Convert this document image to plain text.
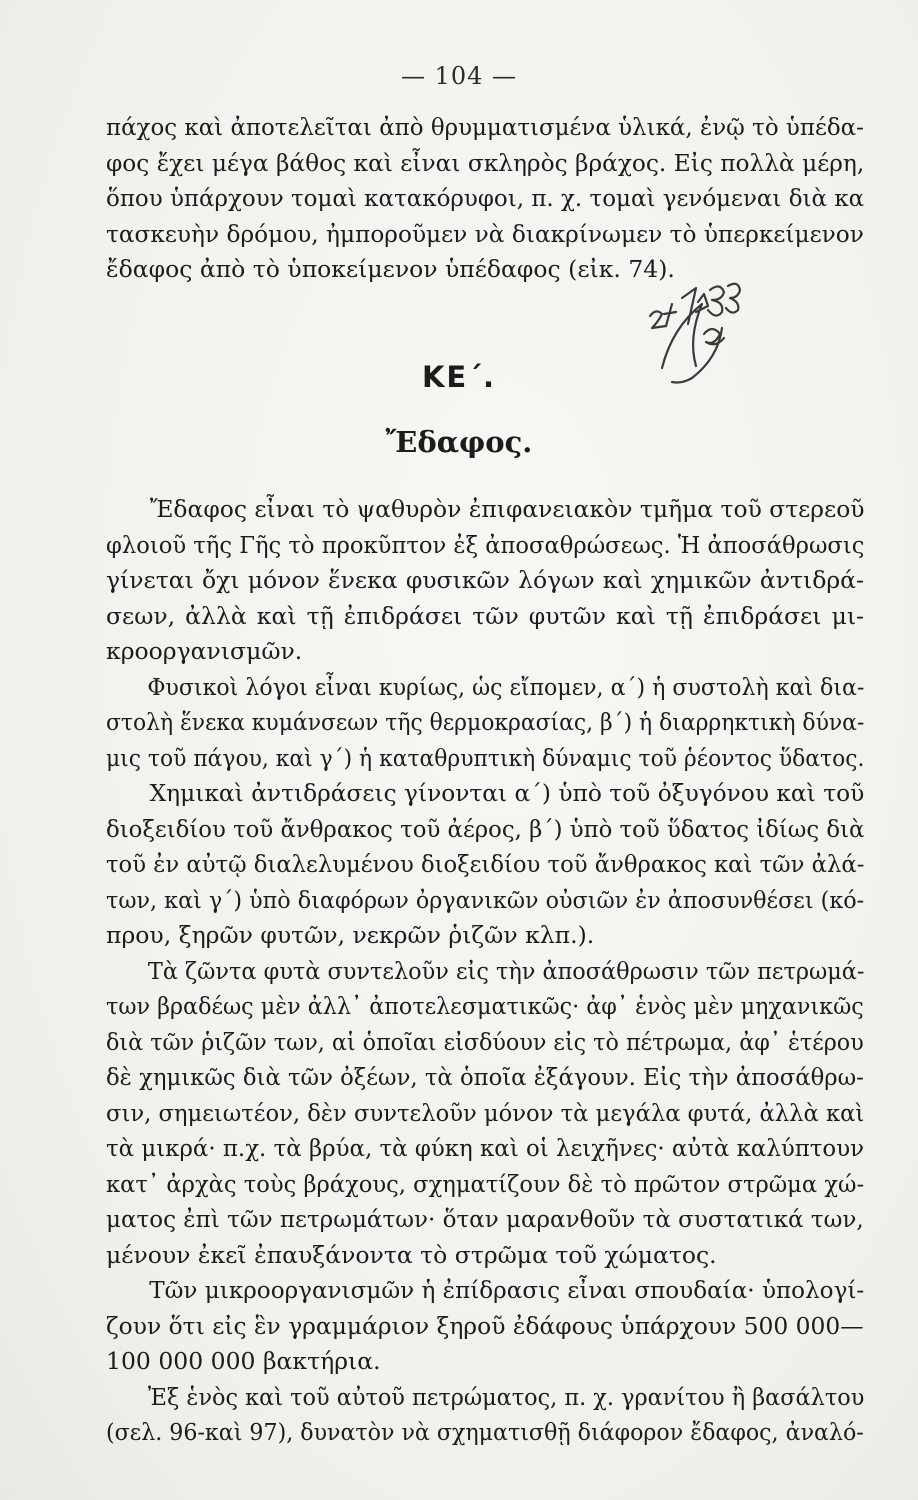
— 104 —
πάχος καὶ ἀποτελεῖται ἀπὸ θρυμματισμένα ὑλικά, ἐνῷ τὸ ὑπέδα-
φος ἔχει μέγα βάθος καὶ εἶναι σκληρὸς βράχος. Εἰς πολλὰ μέρη,
ὅπου ὑπάρχουν τομαὶ κατακόρυφοι, π. χ. τομαὶ γενόμεναι διὰ κα
τασκευὴν δρόμου, ἠμποροῦμεν νὰ διακρίνωμεν τὸ ὑπερκείμενον
ἔδαφος ἀπὸ τὸ ὑποκείμενον ὑπέδαφος (εἰκ. 74).
ΚΕ΄.
Ἔδαφος.
Ἔδαφος εἶναι τὸ ψαθυρὸν ἐπιφανειακὸν τμῆμα τοῦ στερεοῦ
φλοιοῦ τῆς Γῆς τὸ προκῦπτον ἐξ ἀποσαθρώσεως. Ἡ ἀποσάθρωσις
γίνεται ὄχι μόνον ἕνεκα φυσικῶν λόγων καὶ χημικῶν ἀντιδρά-
σεων, ἀλλὰ καὶ τῇ ἐπιδράσει τῶν φυτῶν καὶ τῇ ἐπιδράσει μι-
κροοργανισμῶν.
Φυσικοὶ λόγοι εἶναι κυρίως, ὡς εἴπομεν, α΄) ἡ συστολὴ καὶ δια-
στολὴ ἕνεκα κυμάνσεων τῆς θερμοκρασίας, β΄) ἡ διαρρηκτικὴ δύνα-
μις τοῦ πάγου, καὶ γ΄) ἡ καταθρυπτικὴ δύναμις τοῦ ῥέοντος ὕδατος.
Χημικαὶ ἀντιδράσεις γίνονται α΄) ὑπὸ τοῦ ὀξυγόνου καὶ τοῦ
διοξειδίου τοῦ ἄνθρακος τοῦ ἀέρος, β΄) ὑπὸ τοῦ ὕδατος ἰδίως διὰ
τοῦ ἐν αὐτῷ διαλελυμένου διοξειδίου τοῦ ἄνθρακος καὶ τῶν ἀλά-
των, καὶ γ΄) ὑπὸ διαφόρων ὀργανικῶν οὐσιῶν ἐν ἀποσυνθέσει (κό-
πρου, ξηρῶν φυτῶν, νεκρῶν ῥιζῶν κλπ.).
Τὰ ζῶντα φυτὰ συντελοῦν εἰς τὴν ἀποσάθρωσιν τῶν πετρωμά-
των βραδέως μὲν ἀλλ᾽ ἀποτελεσματικῶς· ἀφ᾽ ἑνὸς μὲν μηχανικῶς
διὰ τῶν ῥιζῶν των, αἱ ὁποῖαι εἰσδύουν εἰς τὸ πέτρωμα, ἀφ᾽ ἑτέρου
δὲ χημικῶς διὰ τῶν ὀξέων, τὰ ὁποῖα ἐξάγουν. Εἰς τὴν ἀποσάθρω-
σιν, σημειωτέον, δὲν συντελοῦν μόνον τὰ μεγάλα φυτά, ἀλλὰ καὶ
τὰ μικρά· π.χ. τὰ βρύα, τὰ φύκη καὶ οἱ λειχῆνες· αὐτὰ καλύπτουν
κατ᾽ ἀρχὰς τοὺς βράχους, σχηματίζουν δὲ τὸ πρῶτον στρῶμα χώ-
ματος ἐπὶ τῶν πετρωμάτων· ὅταν μαρανθοῦν τὰ συστατικά των,
μένουν ἐκεῖ ἐπαυξάνοντα τὸ στρῶμα τοῦ χώματος.
Τῶν μικροοργανισμῶν ἡ ἐπίδρασις εἶναι σπουδαία· ὑπολογί-
ζουν ὅτι εἰς ἓν γραμμάριον ξηροῦ ἐδάφους ὑπάρχουν 500 000—
100 000 000 βακτήρια.
Ἐξ ἑνὸς καὶ τοῦ αὐτοῦ πετρώματος, π. χ. γρανίτου ἢ βασάλτου
(σελ. 96-καὶ 97), δυνατὸν νὰ σχηματισθῇ διάφορον ἔδαφος, ἀναλό-
